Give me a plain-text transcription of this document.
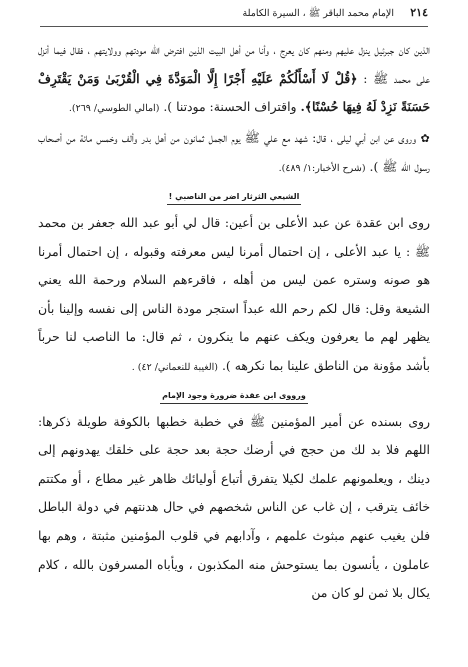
٢١٤
الإمام محمد الباقر ﷺ ، السيرة الكاملة

الذين كان جبرئيل ينزل عليهم ومنهم كان يعرج ، وأنا من أهل البيت الذين افترض الله مودتهم وولايتهم ، فقال فيما أنزل على محمد ﷺ : ﴿قُلْ لَا أَسْأَلُكُمْ عَلَيْهِ أَجْرًا إِلَّا الْمَوَدَّةَ فِي الْقُرْبَىٰ وَمَنْ يَقْتَرِفْ حَسَنَةً نَزِدْ لَهُ فِيهَا حُسْنًا﴾. واقتراف الحسنة: مودتنا ). (امالي الطوسي/ ٢٦٩).

✿ وروى عن ابن أبي ليلى ، قال: شهد مع علي ﷺ يوم الجمل ثمانون من أهل بدر وألف وخمس مائة من أصحاب رسول الله ﷺ ). (شرح الأخبار:١/ ٤٨٩).

الشيعي الثرثار اضر من الناصبي !

روى ابن عقدة عن عبد الأعلى بن أعين: قال لي أبو عبد الله جعفر بن محمد ﷺ : يا عبد الأعلى ، إن احتمال أمرنا ليس معرفته وقبوله ، إن احتمال أمرنا هو صونه وستره عمن ليس من أهله ، فاقرءهم السلام ورحمة الله يعني الشيعة وقل: قال لكم رحم الله عبداً استجر مودة الناس إلى نفسه وإلينا بأن يظهر لهم ما يعرفون ويكف عنهم ما ينكرون ، ثم قال: ما الناصب لنا حرباً بأشد مؤونة من الناطق علينا بما نكرهه ). (الغيبة للنعماني/ ٤٢) .

ورووى ابن عقدة ضرورة وجود الإمام

روى بسنده عن أمير المؤمنين ﷺ في خطبة خطبها بالكوفة طويلة ذكرها: اللهم فلا بد لك من حجج في أرضك حجة بعد حجة على خلقك يهدونهم إلى دينك ، ويعلمونهم علمك لكيلا يتفرق أتباع أوليائك ظاهر غير مطاع ، أو مكتتم خائف يترقب ، إن غاب عن الناس شخصهم في حال هدنتهم في دولة الباطل فلن يغيب عنهم مبثوث علمهم ، وآدابهم في قلوب المؤمنين مثبتة ، وهم بها عاملون ، يأنسون بما يستوحش منه المكذبون ، ويأباه المسرفون بالله ، كلام يكال بلا ثمن لو كان من
